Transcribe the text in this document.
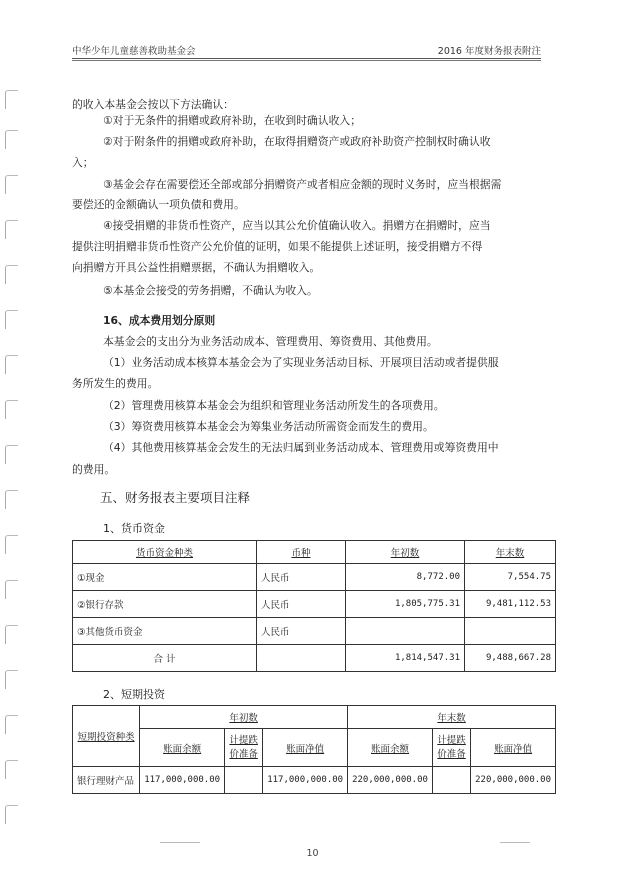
中华少年儿童慈善救助基金会	2016 年度财务报表附注
的收入本基金会按以下方法确认：
①对于无条件的捐赠或政府补助，在收到时确认收入；
②对于附条件的捐赠或政府补助，在取得捐赠资产或政府补助资产控制权时确认收
入；
③基金会存在需要偿还全部或部分捐赠资产或者相应金额的现时义务时，应当根据需
要偿还的金额确认一项负债和费用。
④接受捐赠的非货币性资产，应当以其公允价值确认收入。捐赠方在捐赠时，应当
提供注明捐赠非货币性资产公允价值的证明，如果不能提供上述证明，接受捐赠方不得
向捐赠方开具公益性捐赠票据，不确认为捐赠收入。
⑤本基金会接受的劳务捐赠，不确认为收入。
16、成本费用划分原则
本基金会的支出分为业务活动成本、管理费用、筹资费用、其他费用。
（1）业务活动成本核算本基金会为了实现业务活动目标、开展项目活动或者提供服
务所发生的费用。
（2）管理费用核算本基金会为组织和管理业务活动所发生的各项费用。
（3）筹资费用核算本基金会为筹集业务活动所需资金而发生的费用。
（4）其他费用核算基金会发生的无法归属到业务活动成本、管理费用或筹资费用中
的费用。
五、财务报表主要项目注释
1、货币资金
货币资金种类	币种	年初数	年末数
①现金	人民币	8,772.00	7,554.75
②银行存款	人民币	1,805,775.31	9,481,112.53
③其他货币资金	人民币		
合 计		1,814,547.31	9,488,667.28
2、短期投资
短期投资种类	年初数			年末数		
	账面余额	计提跌价准备	账面净值	账面余额	计提跌价准备	账面净值
银行理财产品	117,000,000.00		117,000,000.00	220,000,000.00		220,000,000.00
10
